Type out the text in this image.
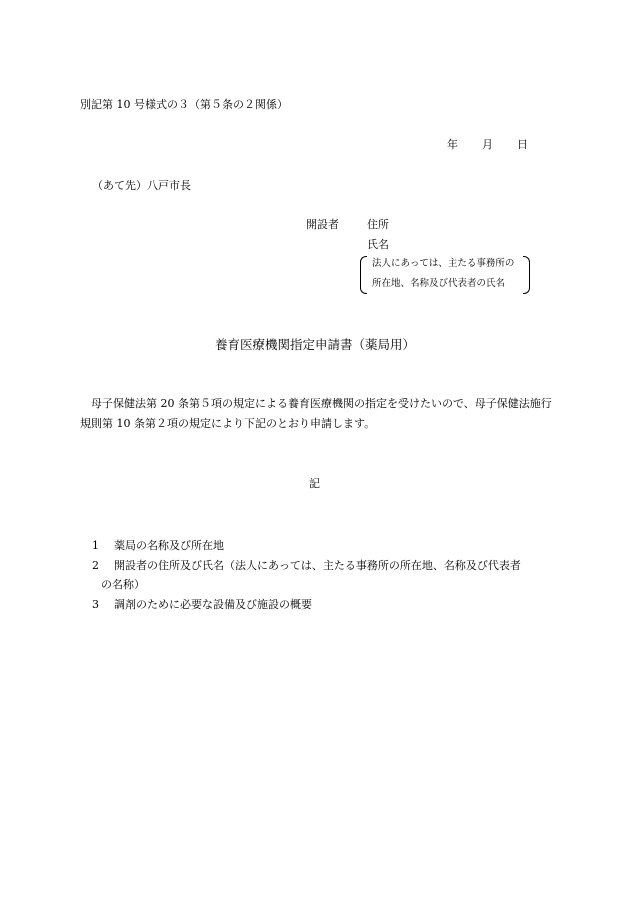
別記第 10 号様式の３（第５条の２関係）
年 月 日
（あて先）八戸市長
開設者	住所
氏名
法人にあっては、主たる事務所の
所在地、名称及び代表者の氏名
養育医療機関指定申請書（薬局用）
母子保健法第 20 条第５項の規定による養育医療機関の指定を受けたいので、母子保健法施行規則第 10 条第２項の規定により下記のとおり申請します。
記
1 薬局の名称及び所在地
2 開設者の住所及び氏名（法人にあっては、主たる事務所の所在地、名称及び代表者
の名称）
3 調剤のために必要な設備及び施設の概要
